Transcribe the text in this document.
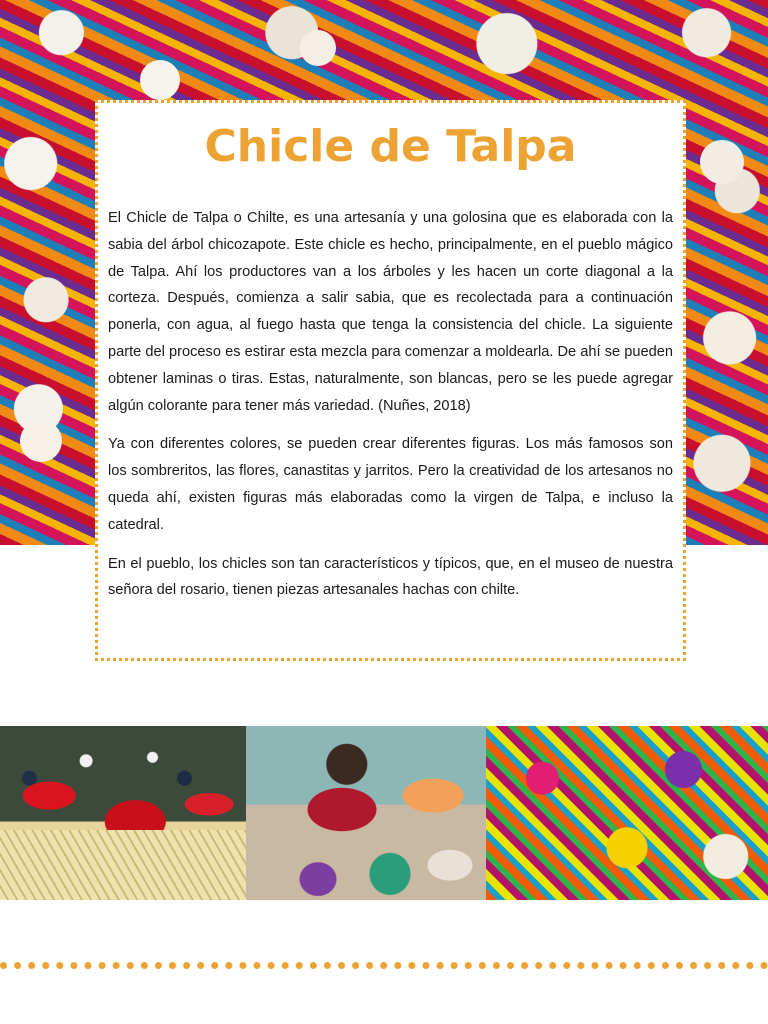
Chicle de Talpa

El Chicle de Talpa o Chilte, es una artesanía y una golosina que es elaborada con la sabia del árbol chicozapote. Este chicle es hecho, principalmente, en el pueblo mágico de Talpa. Ahí los productores van a los árboles y les hacen un corte diagonal a la corteza. Después, comienza a salir sabia, que es recolectada para a continuación ponerla, con agua, al fuego hasta que tenga la consistencia del chicle. La siguiente parte del proceso es estirar esta mezcla para comenzar a moldearla. De ahí se pueden obtener laminas o tiras. Estas, naturalmente, son blancas, pero se les puede agregar algún colorante para tener más variedad. (Nuñes, 2018)

Ya con diferentes colores, se pueden crear diferentes figuras. Los más famosos son los sombreritos, las flores, canastitas y jarritos. Pero la creatividad de los artesanos no queda ahí, existen figuras más elaboradas como la virgen de Talpa, e incluso la catedral.

En el pueblo, los chicles son tan característicos y típicos, que, en el museo de nuestra señora del rosario, tienen piezas artesanales hachas con chilte.
